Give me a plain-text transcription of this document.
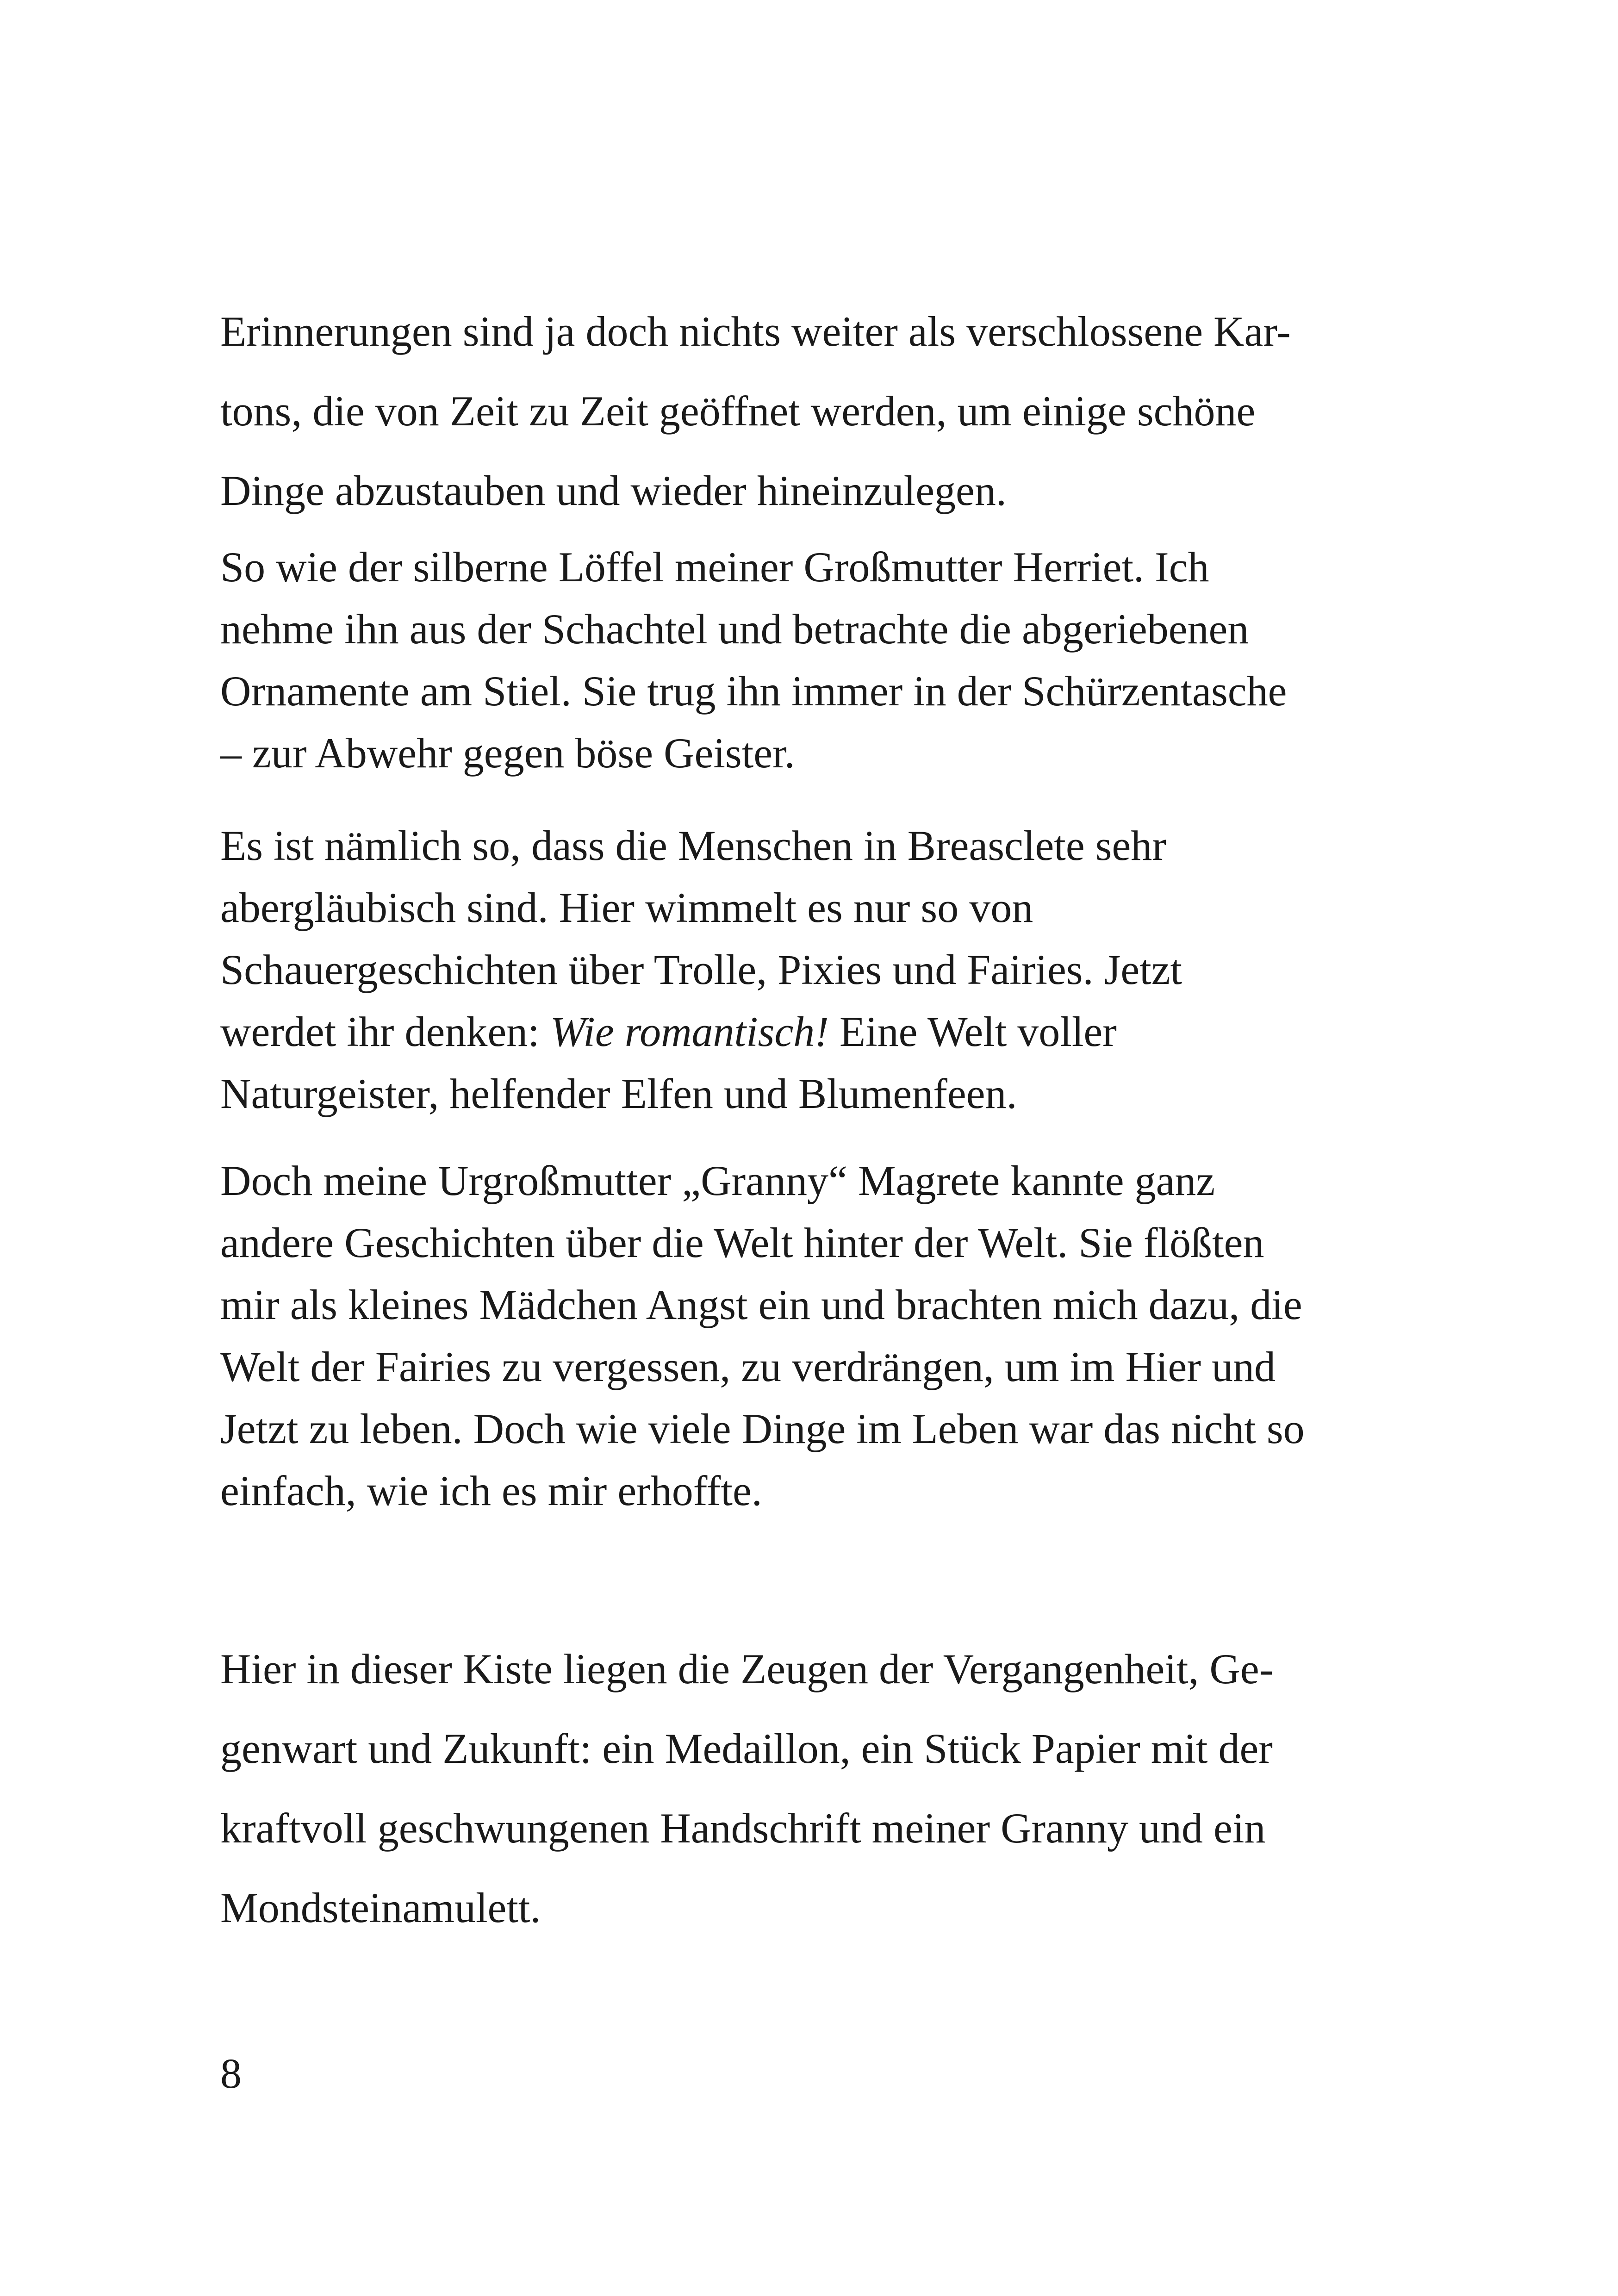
Erinnerungen sind ja doch nichts weiter als verschlossene Kar-
tons, die von Zeit zu Zeit geöffnet werden, um einige schöne
Dinge abzustauben und wieder hineinzulegen.

So wie der silberne Löffel meiner Großmutter Herriet. Ich
nehme ihn aus der Schachtel und betrachte die abgeriebenen
Ornamente am Stiel. Sie trug ihn immer in der Schürzentasche
– zur Abwehr gegen böse Geister.

Es ist nämlich so, dass die Menschen in Breasclete sehr
abergläubisch sind. Hier wimmelt es nur so von
Schauergeschichten über Trolle, Pixies und Fairies. Jetzt
werdet ihr denken: Wie romantisch! Eine Welt voller
Naturgeister, helfender Elfen und Blumenfeen.

Doch meine Urgroßmutter „Granny“ Magrete kannte ganz
andere Geschichten über die Welt hinter der Welt. Sie flößten
mir als kleines Mädchen Angst ein und brachten mich dazu, die
Welt der Fairies zu vergessen, zu verdrängen, um im Hier und
Jetzt zu leben. Doch wie viele Dinge im Leben war das nicht so
einfach, wie ich es mir erhoffte.

Hier in dieser Kiste liegen die Zeugen der Vergangenheit, Ge-
genwart und Zukunft: ein Medaillon, ein Stück Papier mit der
kraftvoll geschwungenen Handschrift meiner Granny und ein
Mondsteinamulett.

8
